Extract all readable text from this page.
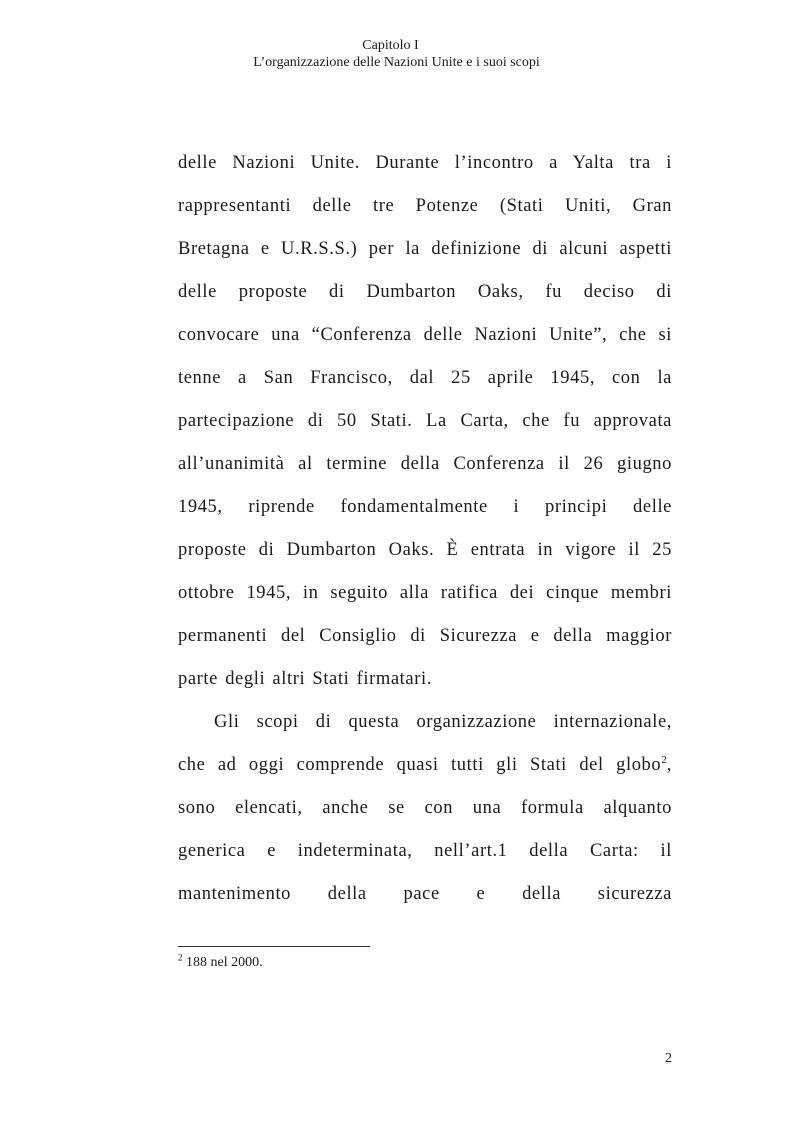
Capitolo I
L’organizzazione delle Nazioni Unite e i suoi scopi
delle Nazioni Unite. Durante l’incontro a Yalta tra i
rappresentanti delle tre Potenze (Stati Uniti, Gran
Bretagna e U.R.S.S.) per la definizione di alcuni aspetti
delle proposte di Dumbarton Oaks, fu deciso di
convocare una “Conferenza delle Nazioni Unite”, che si
tenne a San Francisco, dal 25 aprile 1945, con la
partecipazione di 50 Stati. La Carta, che fu approvata
all’unanimità al termine della Conferenza il 26 giugno
1945, riprende fondamentalmente i principi delle
proposte di Dumbarton Oaks. È entrata in vigore il 25
ottobre 1945, in seguito alla ratifica dei cinque membri
permanenti del Consiglio di Sicurezza e della maggior
parte degli altri Stati firmatari.
Gli scopi di questa organizzazione internazionale,
che ad oggi comprende quasi tutti gli Stati del globo$^2$,
sono elencati, anche se con una formula alquanto
generica e indeterminata, nell’art.1 della Carta: il
mantenimento della pace e della sicurezza
$^2$ 188 nel 2000.
2
